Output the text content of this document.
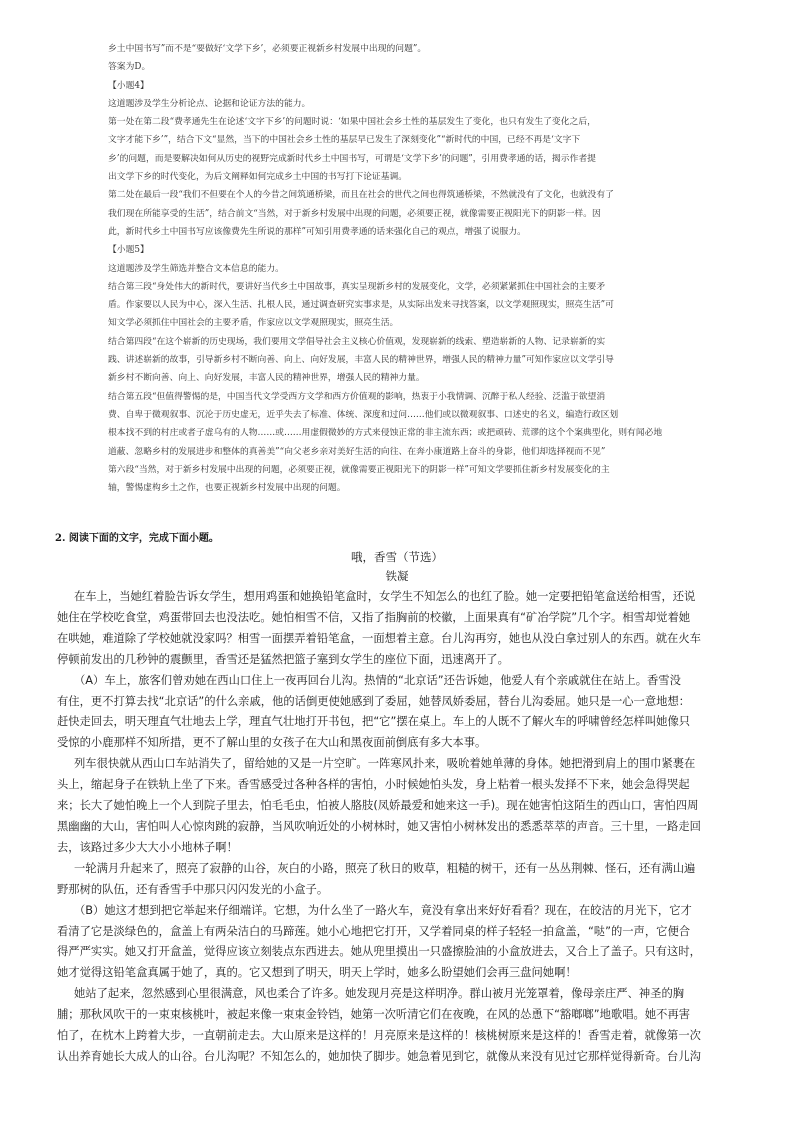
乡土中国书写”而不是“要做好‘文学下乡’，必须要正视新乡村发展中出现的问题”。

答案为D。

【小题4】

这道题涉及学生分析论点、论据和论证方法的能力。

第一处在第二段“费孝通先生在论述‘文字下乡’的问题时说：‘如果中国社会乡土性的基层发生了变化，也只有发生了变化之后，

文字才能下乡’”，结合下文“显然，当下的中国社会乡土性的基层早已发生了深刻变化”“新时代的中国，已经不再是‘文字下

乡’的问题，而是要解决如何从历史的视野完成新时代乡土中国书写，可谓是‘文学下乡’的问题”，引用费孝通的话，揭示作者提

出文学下乡的时代变化，为后文阐释如何完成乡土中国的书写打下论证基调。

第二处在最后一段“我们不但要在个人的今昔之间筑通桥梁，而且在社会的世代之间也得筑通桥梁，不然就没有了文化，也就没有了

我们现在所能享受的生活”，结合前文“当然，对于新乡村发展中出现的问题，必须要正视，就像需要正视阳光下的阴影一样。因

此，新时代乡土中国书写应该像费先生所说的那样”可知引用费孝通的话来强化自己的观点，增强了说服力。

【小题5】

这道题涉及学生筛选并整合文本信息的能力。

结合第三段“身处伟大的新时代，要讲好当代乡土中国故事，真实呈现新乡村的发展变化，文学，必须紧紧抓住中国社会的主要矛

盾。作家要以人民为中心，深入生活、扎根人民，通过调查研究实事求是，从实际出发来寻找答案，以文学观照现实，照亮生活”可

知文学必须抓住中国社会的主要矛盾，作家应以文学观照现实，照亮生活。

结合第四段“在这个崭新的历史现场，我们要用文学倡导社会主义核心价值观，发现崭新的线索、塑造崭新的人物、记录崭新的实

践、讲述崭新的故事，引导新乡村不断向善、向上、向好发展，丰富人民的精神世界，增强人民的精神力量”可知作家应以文学引导

新乡村不断向善、向上、向好发展，丰富人民的精神世界，增强人民的精神力量。

结合第五段“但值得警惕的是，中国当代文学受西方文学和西方价值观的影响，热衷于小我情调、沉醉于私人经验、泛滥于欲望消

费、自卑于微观叙事、沉沦于历史虚无，近乎失去了标准、体统、深度和过问……他们或以微观叙事、口述史的名义，编造行政区划

根本找不到的村庄或者子虚乌有的人物……或……用虚假微妙的方式来侵蚀正常的非主流东西；或把顽砖、荒谬的这个个案典型化，则有闻必地

道蔽、忽略乡村的发展进步和整体的真善美”“向父老乡亲对美好生活的向往、在奔小康道路上奋斗的身影，他们却选择视而不见”

第六段“当然，对于新乡村发展中出现的问题，必须要正视，就像需要正视阳光下的阴影一样”可知文学要抓住新乡村发展变化的主

轴，警惕虚构乡土之作，也要正视新乡村发展中出现的问题。

2. 阅读下面的文字，完成下面小题。
哦，香雪（节选）
铁凝

在车上，当她红着脸告诉女学生，想用鸡蛋和她换铅笔盒时，女学生不知怎么的也红了脸。她一定要把铅笔盒送给相雪，还说

她住在学校吃食堂，鸡蛋带回去也没法吃。她怕相雪不信，又指了指胸前的校徽，上面果真有“矿冶学院”几个字。相雪却觉着她

在哄她，难道除了学校她就没家吗？相雪一面摆弄着铅笔盒，一面想着主意。台儿沟再穷，她也从没白拿过别人的东西。就在火车

停顿前发出的几秒钟的震颤里，香雪还是猛然把篮子塞到女学生的座位下面，迅速离开了。

（A）车上，旅客们曾劝她在西山口住上一夜再回台儿沟。热情的“北京话”还告诉她，他爱人有个亲戚就住在站上。香雪没

有住，更不打算去找“北京话”的什么亲戚，他的话倒更使她感到了委屈，她替凤娇委屈，替台儿沟委屈。她只是一心一意地想：

赶快走回去，明天理直气壮地去上学，理直气壮地打开书包，把“它”摆在桌上。车上的人既不了解火车的呼啸曾经怎样叫她像只

受惊的小鹿那样不知所措，更不了解山里的女孩子在大山和黑夜面前倒底有多大本事。

列车很快就从西山口车站消失了，留给她的又是一片空旷。一阵寒风扑来，吸吮着她单薄的身体。她把滑到肩上的围巾紧裹在

头上，缩起身子在铁轨上坐了下来。香雪感受过各种各样的害怕，小时候她怕头发，身上粘着一根头发择不下来，她会急得哭起

来；长大了她怕晚上一个人到院子里去，怕毛毛虫，怕被人胳肢(凤娇最爱和她来这一手)。现在她害怕这陌生的西山口，害怕四周

黑幽幽的大山，害怕叫人心惊肉跳的寂静，当风吹响近处的小树林时，她又害怕小树林发出的悉悉萃萃的声音。三十里，一路走回

去，该路过多少大大小小地林子啊！

一轮满月升起来了，照亮了寂静的山谷，灰白的小路，照亮了秋日的败草，粗糙的树干，还有一丛丛荆棘、怪石，还有满山遍

野那树的队伍，还有香雪手中那只闪闪发光的小盒子。

（B）她这才想到把它举起来仔细端详。它想，为什么坐了一路火车，竟没有拿出来好好看看？现在，在皎洁的月光下，它才

看清了它是淡绿色的，盒盖上有两朵洁白的马蹄莲。她小心地把它打开，又学着同桌的样子轻轻一拍盒盖，“哒”的一声，它便合

得严严实实。她又打开盒盖，觉得应该立刻装点东西进去。她从兜里摸出一只盛擦脸油的小盒放进去，又合上了盖子。只有这时，

她才觉得这铅笔盒真属于她了，真的。它又想到了明天，明天上学时，她多么盼望她们会再三盘问她啊！

她站了起来，忽然感到心里很满意，风也柔合了许多。她发现月亮是这样明净。群山被月光笼罩着，像母亲庄严、神圣的胸

脯；那秋风吹干的一束束核桃叶，被起来像一束束金铃铛，她第一次听清它们在夜晚，在风的怂恿下“豁啷啷”地歌唱。她不再害

怕了，在枕木上跨着大步，一直朝前走去。大山原来是这样的！月亮原来是这样的！核桃树原来是这样的！香雪走着，就像第一次

认出养育她长大成人的山谷。台儿沟呢？不知怎么的，她加快了脚步。她急着见到它，就像从来没有见过它那样觉得新奇。台儿沟
